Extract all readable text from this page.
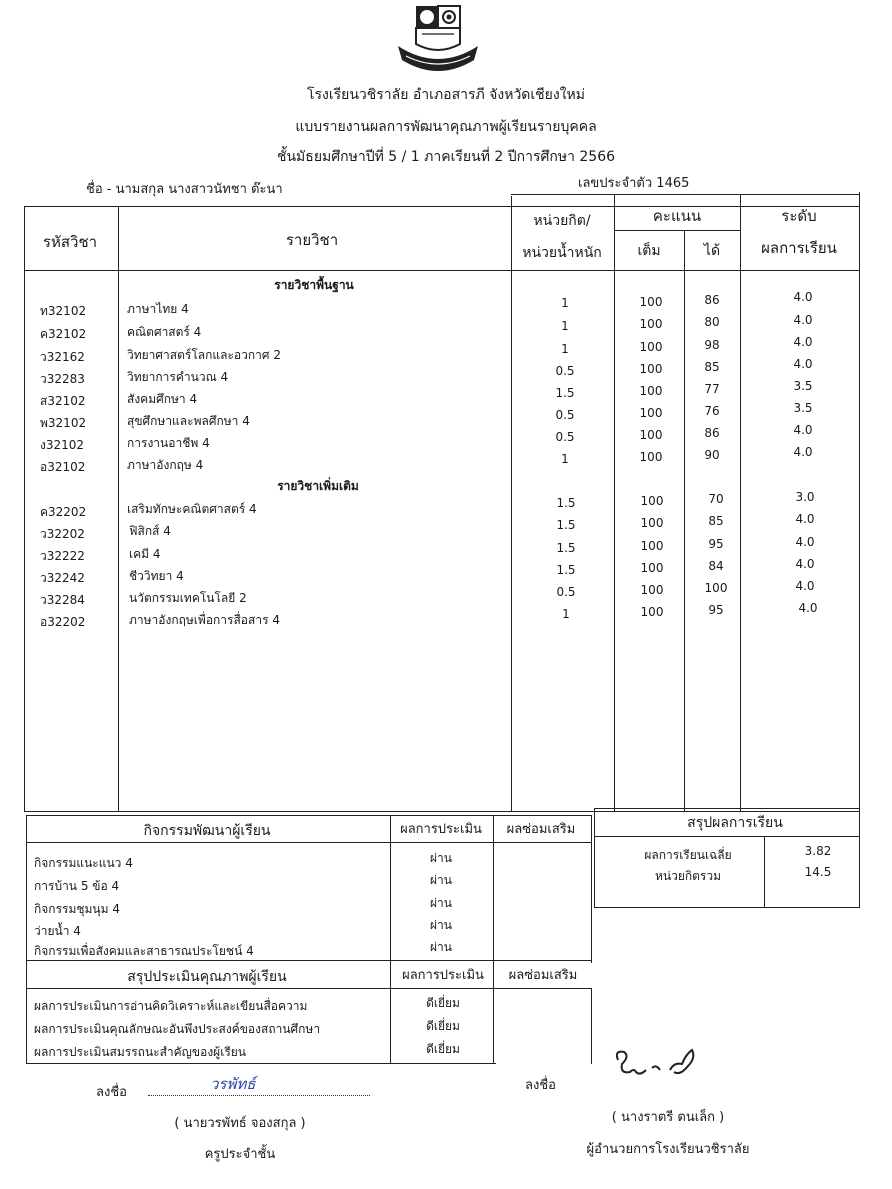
โรงเรียนวชิราลัย อำเภอสารภี จังหวัดเชียงใหม่
แบบรายงานผลการพัฒนาคุณภาพผู้เรียนรายบุคคล
ชั้นมัธยมศึกษาปีที่ 5 / 1 ภาคเรียนที่ 2 ปีการศึกษา 2566
ชื่อ - นามสกุล นางสาวนัทชา ต๊ะนา	เลขประจำตัว 1465
รหัสวิชา	รายวิชา
หน่วยกิต/
หน่วยน้ำหนัก
คะแนน
เต็ม	ได้
ระดับ
ผลการเรียน
รายวิชาพื้นฐาน
รายวิชาเพิ่มเติม
ท32102	ภาษาไทย 4	1	100	86	4.0
ค32102	คณิตศาสตร์ 4	1	100	80	4.0
ว32162	วิทยาศาสตร์โลกและอวกาศ 2	1	100	98	4.0
ว32283	วิทยาการคำนวณ 4	0.5	100	85	4.0
ส32102	สังคมศึกษา 4	1.5	100	77	3.5
พ32102	สุขศึกษาและพลศึกษา 4	0.5	100	76	3.5
ง32102	การงานอาชีพ 4	0.5	100	86	4.0
อ32102	ภาษาอังกฤษ 4	1	100	90	4.0
ค32202	เสริมทักษะคณิตศาสตร์ 4	1.5	100	70	3.0
ว32202	ฟิสิกส์ 4	1.5	100	85	4.0
ว32222	เคมี 4	1.5	100	95	4.0
ว32242	ชีววิทยา 4	1.5	100	84	4.0
ว32284	นวัตกรรมเทคโนโลยี 2	0.5	100	100	4.0
อ32202	ภาษาอังกฤษเพื่อการสื่อสาร 4	1	100	95	4.0
กิจกรรมพัฒนาผู้เรียน	ผลการประเมิน ผลซ่อมเสริม
กิจกรรมแนะแนว 4	ผ่าน
การบ้าน 5 ข้อ 4	ผ่าน
กิจกรรมชุมนุม 4	ผ่าน
ว่ายน้ำ 4	ผ่าน
กิจกรรมเพื่อสังคมและสาธารณประโยชน์ 4	ผ่าน
สรุปประเมินคุณภาพผู้เรียน	ผลการประเมิน ผลซ่อมเสริม
ผลการประเมินการอ่านคิดวิเคราะห์และเขียนสื่อความ	ดีเยี่ยม
ผลการประเมินคุณลักษณะอันพึงประสงค์ของสถานศึกษา	ดีเยี่ยม
ผลการประเมินสมรรถนะสำคัญของผู้เรียน	ดีเยี่ยม
สรุปผลการเรียน
ผลการเรียนเฉลี่ย	3.82
หน่วยกิตรวม	14.5
ลงชื่อ	วรพัทธ์	ลงชื่อ
( นายวรพัทธ์ จองสกุล )
ครูประจำชั้น
( นางราตรี ตนเล็ก )
ผู้อำนวยการโรงเรียนวชิราลัย
